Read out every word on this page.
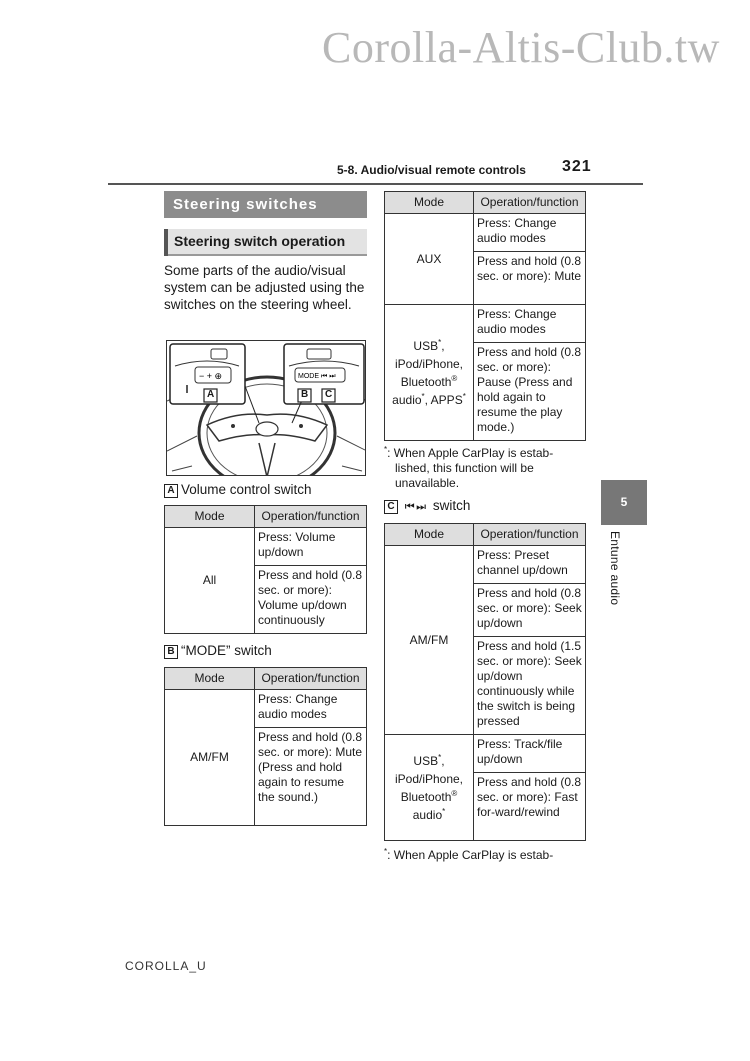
Corolla-Altis-Club.tw
5-8. Audio/visual remote controls 321
Steering switches
Steering switch operation
Some parts of the audio/visual system can be adjusted using the switches on the steering wheel.
− + ⊕	MODE ⏮ ⏭
A	B C
A Volume control switch
Mode	Operation/function
All	Press: Volume up/down
	Press and hold (0.8 sec. or more): Volume up/down continuously
B “MODE” switch
Mode	Operation/function
AM/FM	Press: Change audio modes
	Press and hold (0.8 sec. or more): Mute (Press and hold again to resume the sound.)
Mode	Operation/function
AUX	Press: Change audio modes
	Press and hold (0.8 sec. or more): Mute
USB*,
iPod/iPhone,
Bluetooth®
audio*, APPS*	Press: Change audio modes
	Press and hold (0.8 sec. or more): Pause (Press and hold again to resume the play mode.)
*: When Apple CarPlay is estab-
lished, this function will be
unavailable.
C ⏮ ⏭ switch
Mode	Operation/function
AM/FM	Press: Preset channel up/down
	Press and hold (0.8 sec. or more): Seek up/down
	Press and hold (1.5 sec. or more): Seek up/down continuously while the switch is being pressed
USB*,
iPod/iPhone,
Bluetooth®
audio*	Press: Track/file up/down
	Press and hold (0.8 sec. or more): Fast for-ward/rewind
*: When Apple CarPlay is estab-
5
Entune audio
COROLLA_U
